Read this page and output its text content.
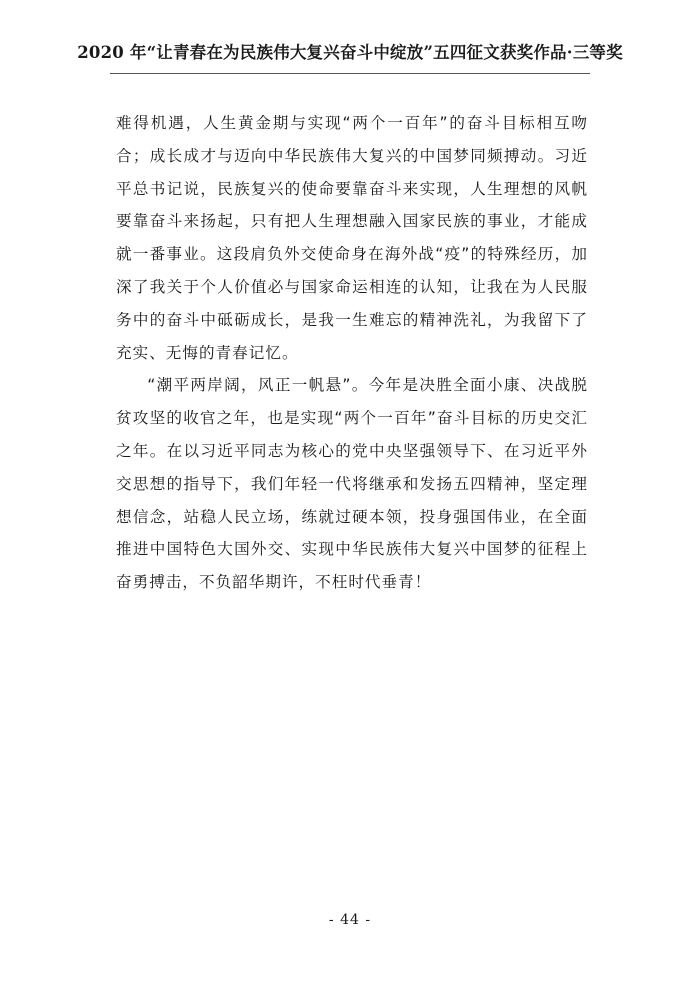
2020 年“让青春在为民族伟大复兴奋斗中绽放”五四征文获奖作品·三等奖

难得机遇，人生黄金期与实现“两个一百年”的奋斗目标相互吻合；成长成才与迈向中华民族伟大复兴的中国梦同频搏动。习近平总书记说，民族复兴的使命要靠奋斗来实现，人生理想的风帆要靠奋斗来扬起，只有把人生理想融入国家民族的事业，才能成就一番事业。这段肩负外交使命身在海外战“疫”的特殊经历，加深了我关于个人价值必与国家命运相连的认知，让我在为人民服务中的奋斗中砥砺成长，是我一生难忘的精神洗礼，为我留下了充实、无悔的青春记忆。

“潮平两岸阔，风正一帆悬”。今年是决胜全面小康、决战脱贫攻坚的收官之年，也是实现“两个一百年”奋斗目标的历史交汇之年。在以习近平同志为核心的党中央坚强领导下、在习近平外交思想的指导下，我们年轻一代将继承和发扬五四精神，坚定理想信念，站稳人民立场，练就过硬本领，投身强国伟业，在全面推进中国特色大国外交、实现中华民族伟大复兴中国梦的征程上奋勇搏击，不负韶华期许，不枉时代垂青！

- 44 -
